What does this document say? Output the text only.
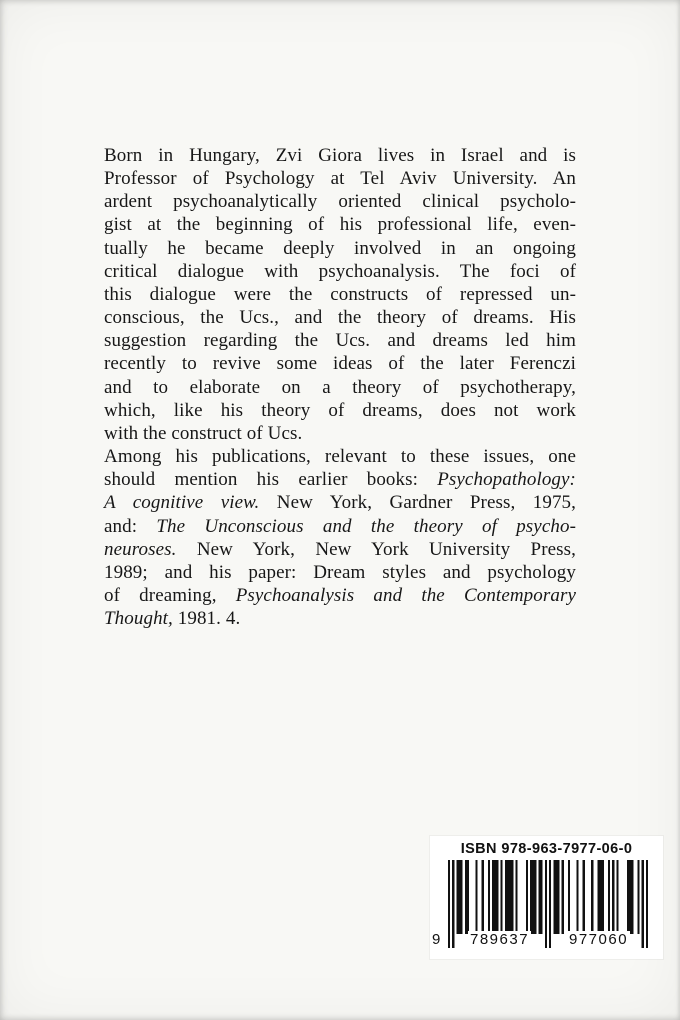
Born in Hungary, Zvi Giora lives in Israel and is
Professor of Psychology at Tel Aviv University. An
ardent psychoanalytically oriented clinical psycholo-
gist at the beginning of his professional life, even-
tually he became deeply involved in an ongoing
critical dialogue with psychoanalysis. The foci of
this dialogue were the constructs of repressed un-
conscious, the Ucs., and the theory of dreams. His
suggestion regarding the Ucs. and dreams led him
recently to revive some ideas of the later Ferenczi
and to elaborate on a theory of psychotherapy,
which, like his theory of dreams, does not work
with the construct of Ucs.
Among his publications, relevant to these issues, one
should mention his earlier books: Psychopathology:
A cognitive view. New York, Gardner Press, 1975,
and: The Unconscious and the theory of psycho-
neuroses. New York, New York University Press,
1989; and his paper: Dream styles and psychology
of dreaming, Psychoanalysis and the Contemporary
Thought, 1981. 4.
ISBN 978-963-7977-06-0
9 789637	977060
